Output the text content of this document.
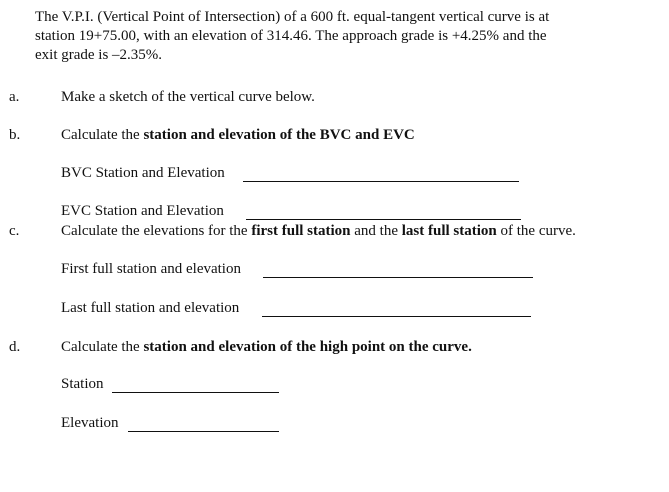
The V.P.I. (Vertical Point of Intersection) of a 600 ft. equal-tangent vertical curve is at

station 19+75.00, with an elevation of 314.46. The approach grade is +4.25% and the

exit grade is –2.35%.

a.	Make a sketch of the vertical curve below.
b.	Calculate the station and elevation of the BVC and EVC
BVC Station and Elevation
EVC Station and Elevation
c.	Calculate the elevations for the first full station and the last full station of the curve.
First full station and elevation
Last full station and elevation
d.	Calculate the station and elevation of the high point on the curve.
Station
Elevation
